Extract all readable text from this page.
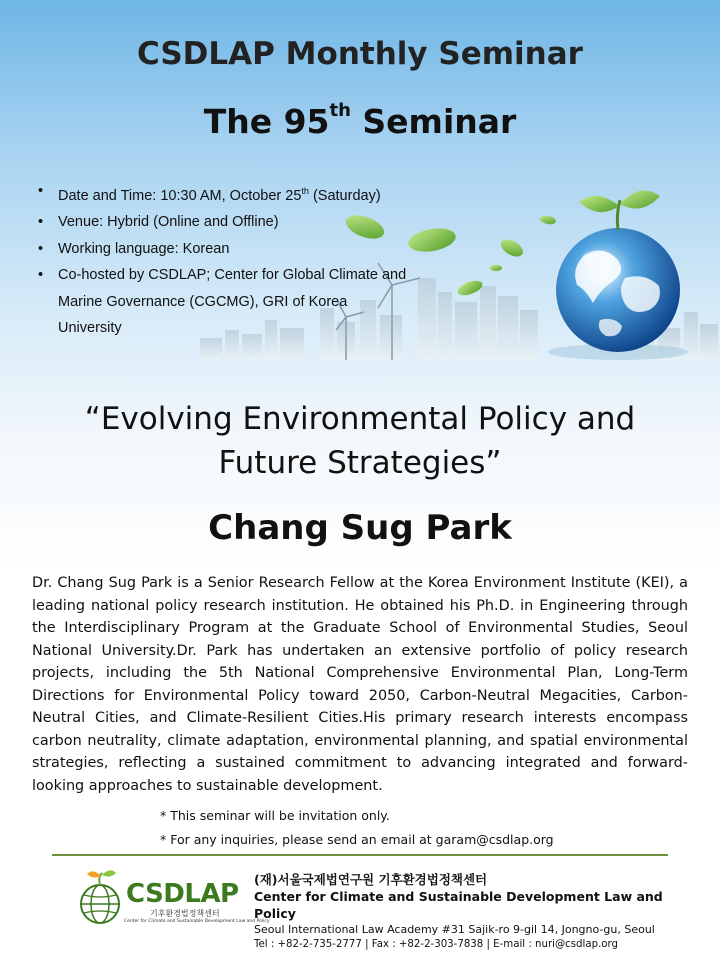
CSDLAP Monthly Seminar
The 95th Seminar
• Date and Time: 10:30 AM, October 25th (Saturday)
• Venue: Hybrid (Online and Offline)
• Working language: Korean
• Co-hosted by CSDLAP; Center for Global Climate and
Marine Governance (CGCMG), GRI of Korea
University
“Evolving Environmental Policy and
Future Strategies”
Chang Sug Park
Dr. Chang Sug Park is a Senior Research Fellow at the Korea Environment Institute (KEI), a leading national policy research institution. He obtained his Ph.D. in Engineering through the Interdisciplinary Program at the Graduate School of Environmental Studies, Seoul National University.Dr. Park has undertaken an extensive portfolio of policy research projects, including the 5th National Comprehensive Environmental Plan, Long-Term Directions for Environmental Policy toward 2050, Carbon-Neutral Megacities, Carbon-Neutral Cities, and Climate-Resilient Cities.His primary research interests encompass carbon neutrality, climate adaptation, environmental planning, and spatial environmental strategies, reflecting a sustained commitment to advancing integrated and forward-looking approaches to sustainable development.
* This seminar will be invitation only.
* For any inquiries, please send an email at garam@csdlap.org
CSDLAP
기후환경법정책센터
Center for Climate and Sustainable Development Law and Policy
(재)서울국제법연구원 기후환경법정책센터
Center for Climate and Sustainable Development Law and Policy
Seoul International Law Academy #31 Sajik-ro 9-gil 14, Jongno-gu, Seoul
Tel : +82-2-735-2777 | Fax : +82-2-303-7838 | E-mail : nuri@csdlap.org
